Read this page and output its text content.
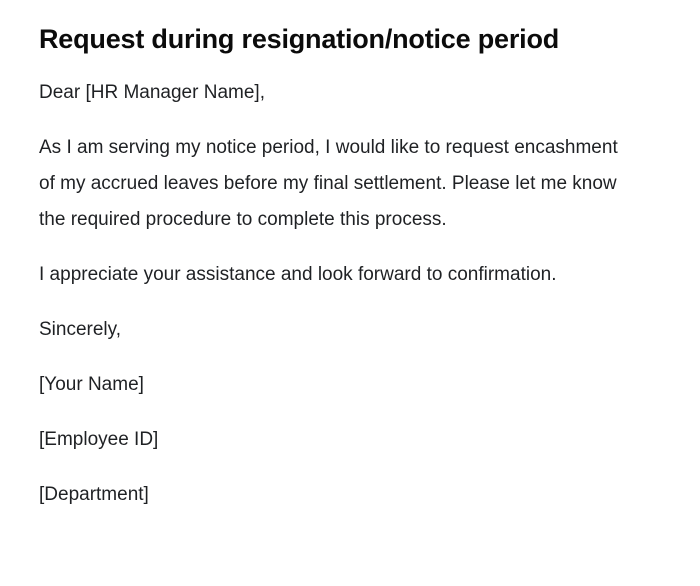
Request during resignation/notice period

Dear [HR Manager Name],

As I am serving my notice period, I would like to request encashment of my accrued leaves before my final settlement. Please let me know the required procedure to complete this process.

I appreciate your assistance and look forward to confirmation.

Sincerely,

[Your Name]

[Employee ID]

[Department]
